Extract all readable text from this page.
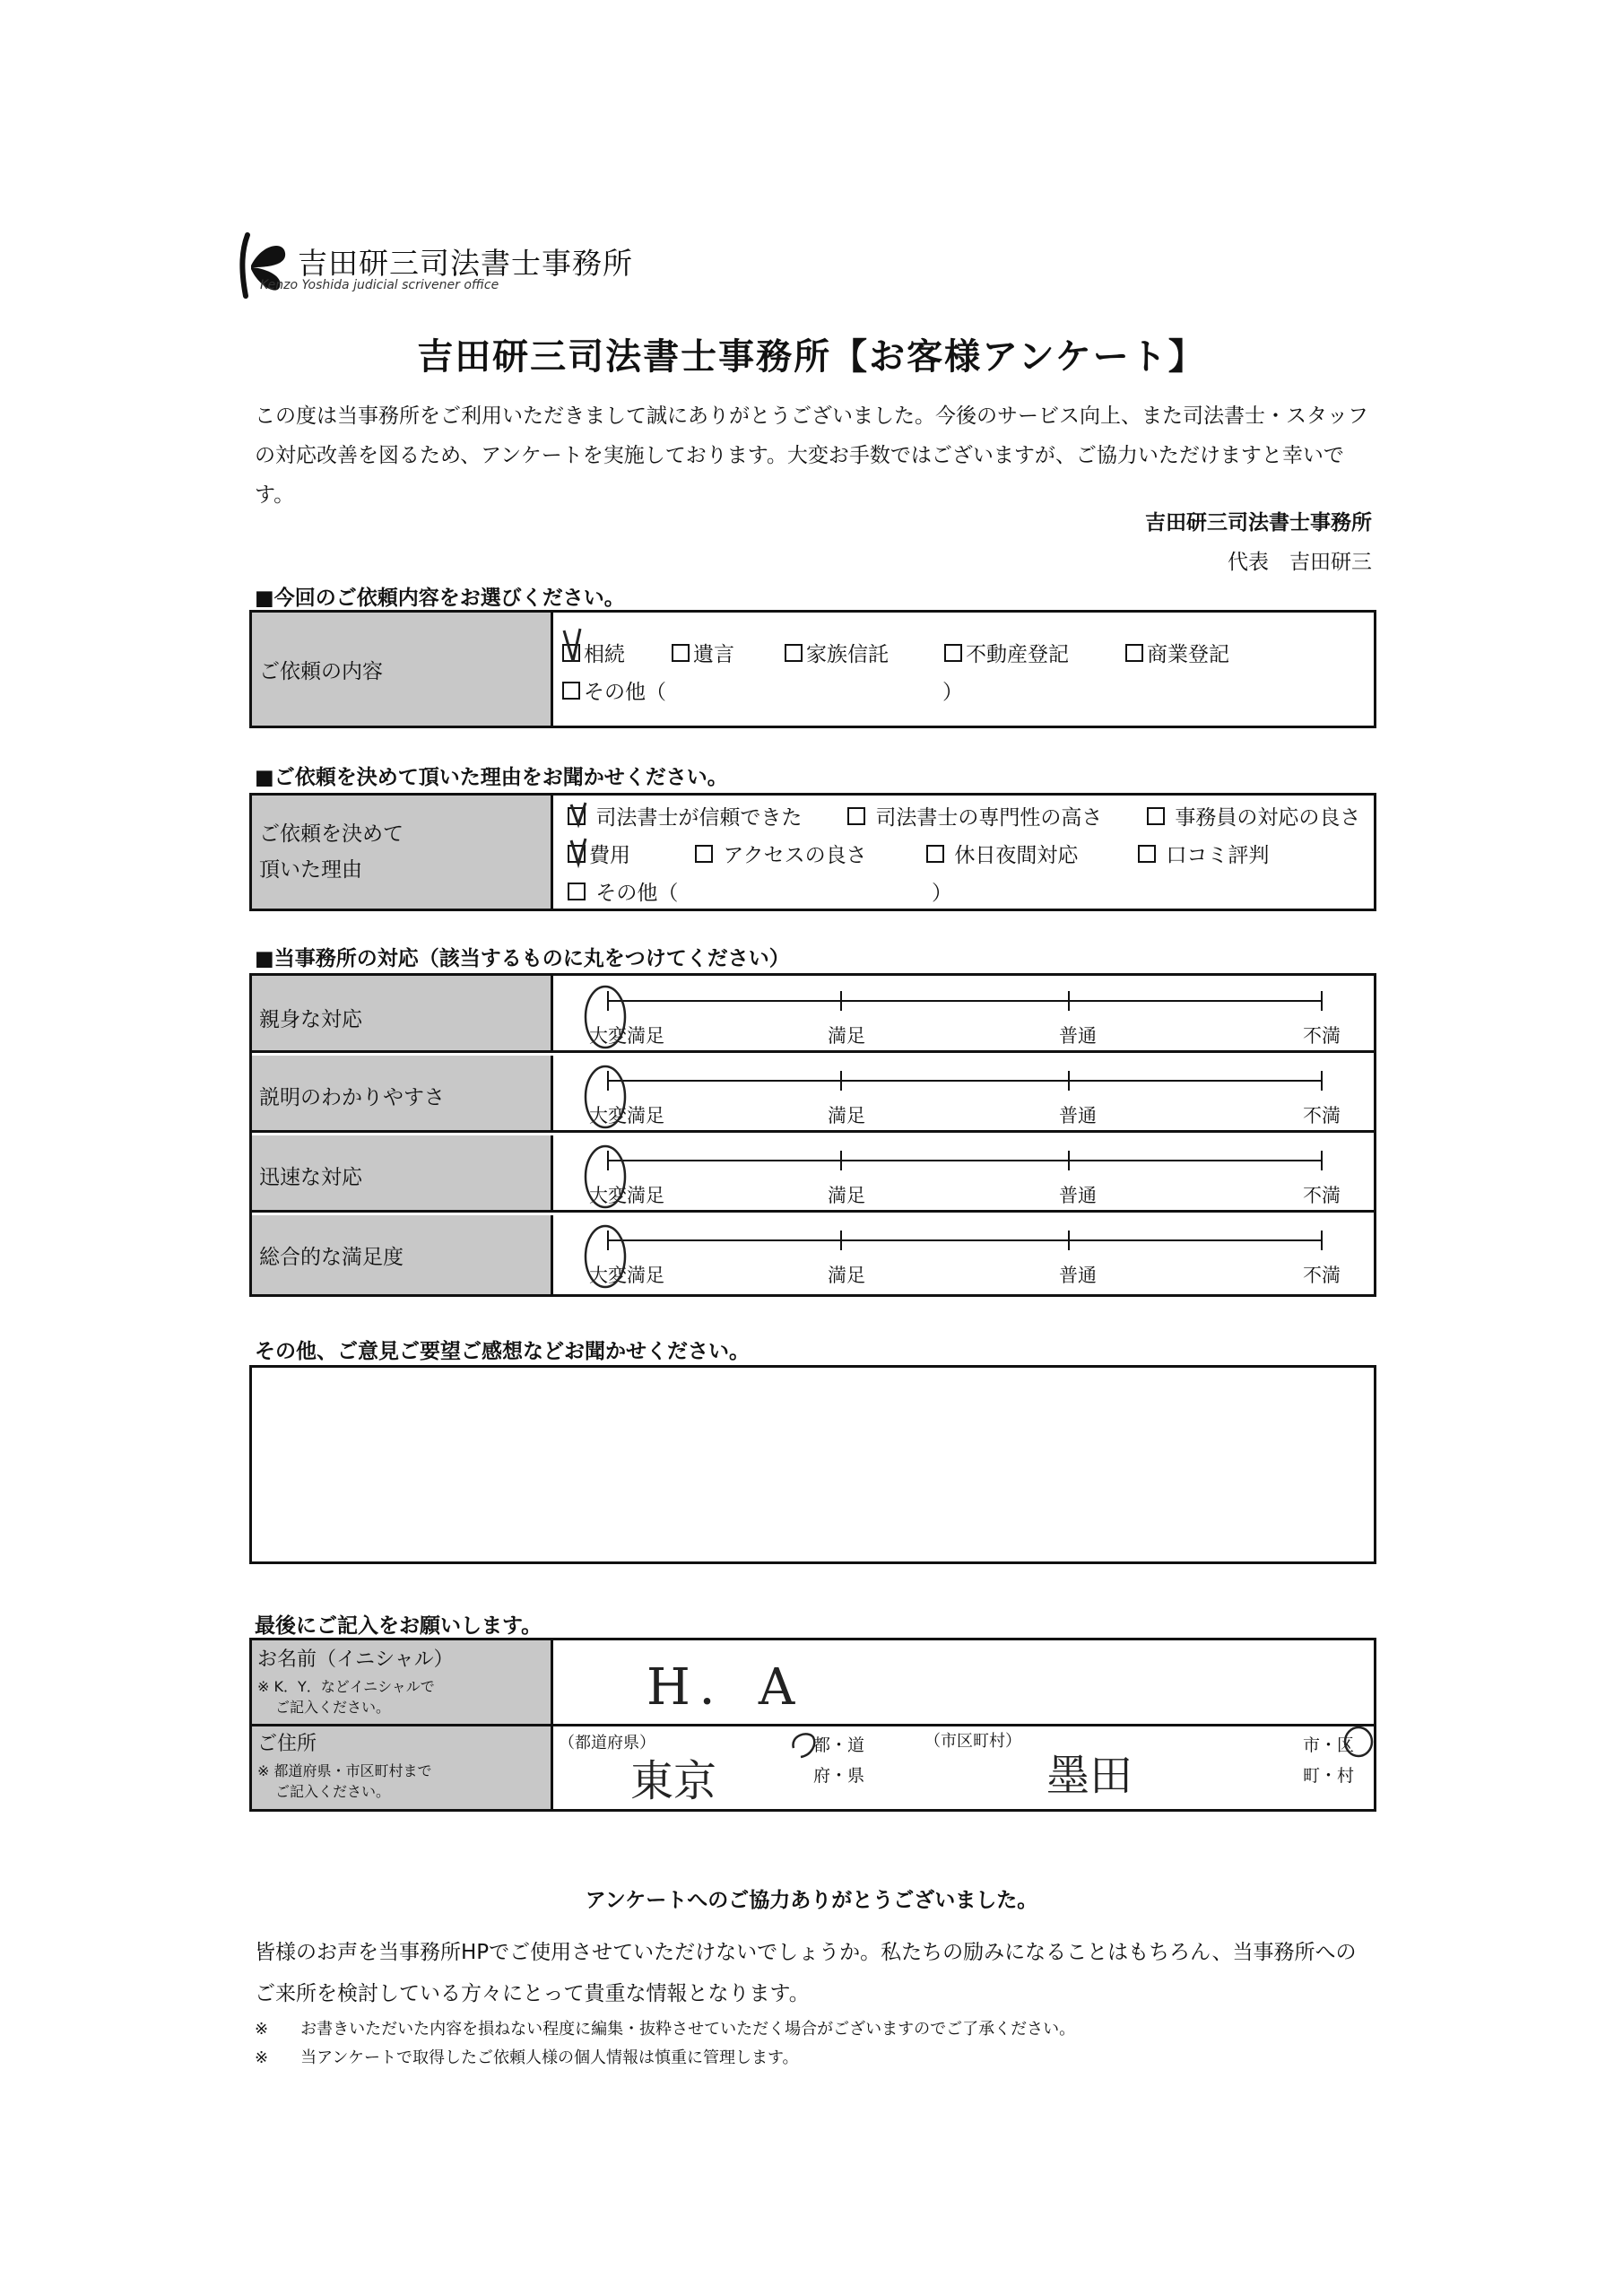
吉田研三司法書士事務所
Kenzo Yoshida judicial scrivener office
吉田研三司法書士事務所【お客様アンケート】
この度は当事務所をご利用いただきまして誠にありがとうございました。今後のサービス向上、また司法書士・スタッフの対応改善を図るため、アンケートを実施しております。大変お手数ではございますが、ご協力いただけますと幸いです。
吉田研三司法書士事務所
代表　吉田研三
■今回のご依頼内容をお選びください。
ご依頼の内容
相続	遺言	家族信託	不動産登記	商業登記
その他（	）
■ご依頼を決めて頂いた理由をお聞かせください。
ご依頼を決めて
頂いた理由
司法書士が信頼できた	司法書士の専門性の高さ	事務員の対応の良さ
費用	アクセスの良さ	休日夜間対応	口コミ評判
その他（	）
■当事務所の対応（該当するものに丸をつけてください）
親身な対応
大変満足	満足	普通	不満
説明のわかりやすさ
大変満足	満足	普通	不満
迅速な対応
大変満足	満足	普通	不満
総合的な満足度
大変満足	満足	普通	不満
その他、ご意見ご要望ご感想などお聞かせください。
最後にご記入をお願いします。
お名前（イニシャル）
※ K．Y．などイニシャルで
ご記入ください。	H．A
ご住所
※ 都道府県・市区町村まで
ご記入ください。
（都道府県）
東京
都・道
府・県
（市区町村）
墨田
市・区
町・村
アンケートへのご協力ありがとうございました。
皆様のお声を当事務所HPでご使用させていただけないでしょうか。私たちの励みになることはもちろん、当事務所へのご来所を検討している方々にとって貴重な情報となります。
※　　お書きいただいた内容を損ねない程度に編集・抜粋させていただく場合がございますのでご了承ください。
※　　当アンケートで取得したご依頼人様の個人情報は慎重に管理します。
